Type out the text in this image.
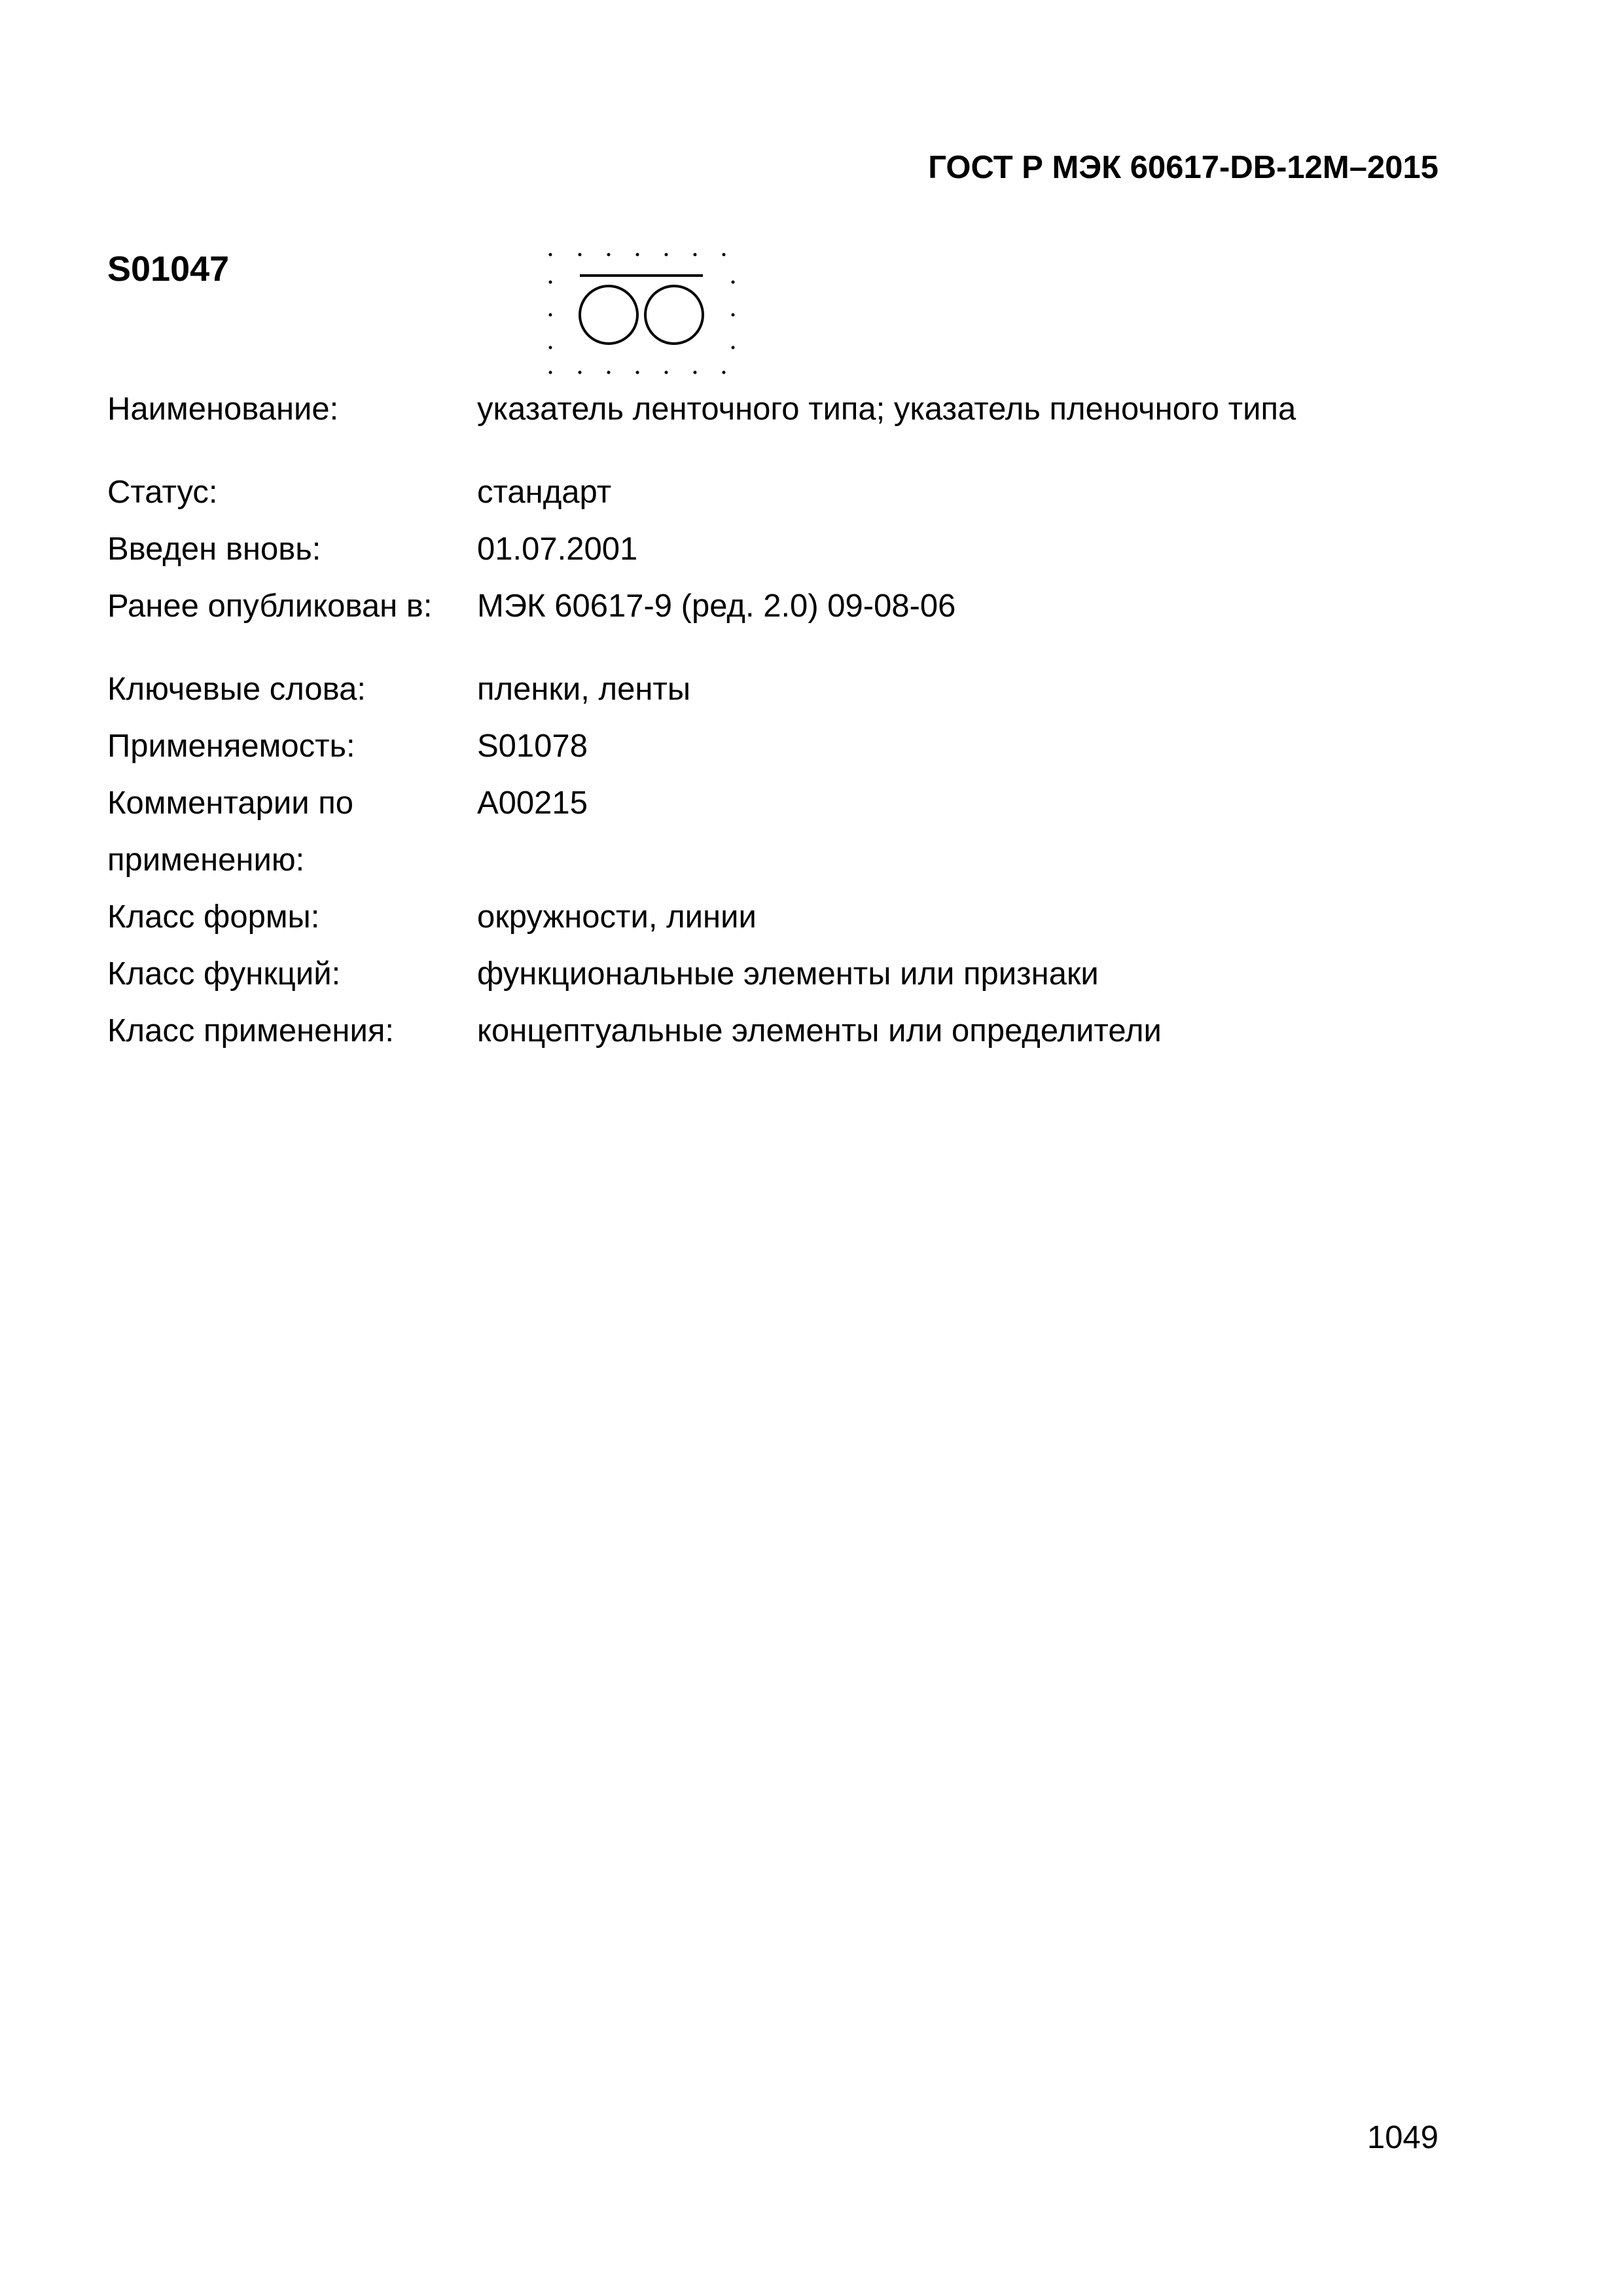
ГОСТ Р МЭК 60617-DB-12М–2015
S01047
Наименование:	указатель ленточного типа; указатель пленочного типа
Статус:	стандарт
Введен вновь:	01.07.2001
Ранее опубликован в:	МЭК 60617-9 (ред. 2.0) 09-08-06
Ключевые слова:	пленки, ленты
Применяемость:	S01078
Комментарии по применению:	A00215
Класс формы:	окружности, линии
Класс функций:	функциональные элементы или признаки
Класс применения:	концептуальные элементы или определители
1049
